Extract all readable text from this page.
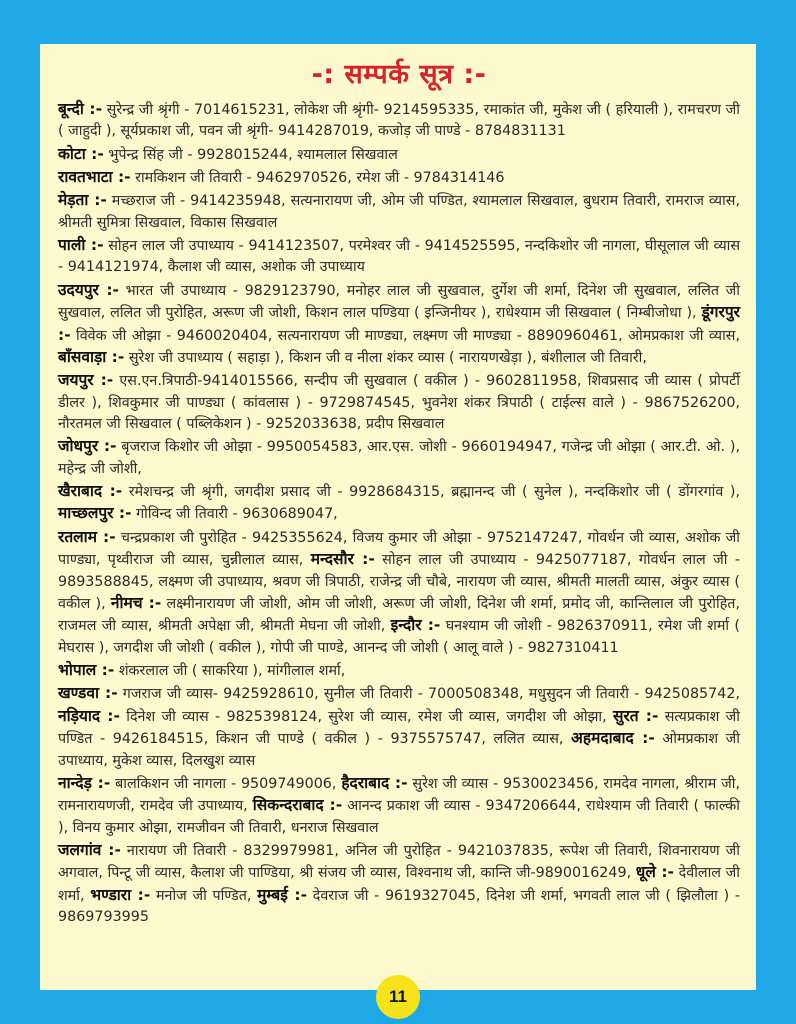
-: सम्पर्क सूत्र :-

बून्दी :- सुरेन्द्र जी श्रृंगी - 7014615231, लोकेश जी श्रृंगी- 9214595335, रमाकांत जी, मुकेश जी ( हरियाली ), रामचरण जी ( जाहुदी ), सूर्यप्रकाश जी, पवन जी श्रृंगी- 9414287019, कजोड़ जी पाण्डे - 8784831131

कोटा :- भुपेन्द्र सिंह जी - 9928015244, श्यामलाल सिखवाल

रावतभाटा :- रामकिशन जी तिवारी - 9462970526, रमेश जी - 9784314146

मेड़ता :- मच्छराज जी - 9414235948, सत्यनारायण जी, ओम जी पण्डित, श्यामलाल सिखवाल, बुधराम तिवारी, रामराज व्यास, श्रीमती सुमित्रा सिखवाल, विकास सिखवाल

पाली :- सोहन लाल जी उपाध्याय - 9414123507, परमेश्वर जी - 9414525595, नन्दकिशोर जी नागला, घीसूलाल जी व्यास - 9414121974, कैलाश जी व्यास, अशोक जी उपाध्याय

उदयपुर :- भारत जी उपाध्याय - 9829123790, मनोहर लाल जी सुखवाल, दुर्गेश जी शर्मा, दिनेश जी सुखवाल, ललित जी सुखवाल, ललित जी पुरोहित, अरूण जी जोशी, किशन लाल पण्डिया ( इन्जिनीयर ), राधेश्याम जी सिखवाल ( निम्बीजोधा ), डूंगरपुर :- विवेक जी ओझा - 9460020404, सत्यनारायण जी माण्ड्या, लक्ष्मण जी माण्ड्या - 8890960461, ओमप्रकाश जी व्यास, बाँसवाड़ा :- सुरेश जी उपाध्याय ( सहाड़ा ), किशन जी व नीला शंकर व्यास ( नारायणखेड़ा ), बंशीलाल जी तिवारी,

जयपुर :- एस.एन.त्रिपाठी-9414015566, सन्दीप जी सुखवाल ( वकील ) - 9602811958, शिवप्रसाद जी व्यास ( प्रोपर्टी डीलर ), शिवकुमार जी पाण्ड्या ( कांवलास ) - 9729874545, भुवनेश शंकर त्रिपाठी ( टाईल्स वाले ) - 9867526200, नौरतमल जी सिखवाल ( पब्लिकेशन ) - 9252033638, प्रदीप सिखवाल

जोधपुर :- बृजराज किशोर जी ओझा - 9950054583, आर.एस. जोशी - 9660194947, गजेन्द्र जी ओझा ( आर.टी. ओ. ), महेन्द्र जी जोशी,

खैराबाद :- रमेशचन्द्र जी श्रृंगी, जगदीश प्रसाद जी - 9928684315, ब्रह्मानन्द जी ( सुनेल ), नन्दकिशोर जी ( डोंगरगांव ), माच्छलपुर :- गोविन्द जी तिवारी - 9630689047,

रतलाम :- चन्द्रप्रकाश जी पुरोहित - 9425355624, विजय कुमार जी ओझा - 9752147247, गोवर्धन जी व्यास, अशोक जी पाण्ड्या, पृथ्वीराज जी व्यास, चुन्नीलाल व्यास, मन्दसौर :- सोहन लाल जी उपाध्याय - 9425077187, गोवर्धन लाल जी - 9893588845, लक्ष्मण जी उपाध्याय, श्रवण जी त्रिपाठी, राजेन्द्र जी चौबे, नारायण जी व्यास, श्रीमती मालती व्यास, अंकुर व्यास ( वकील ), नीमच :- लक्ष्मीनारायण जी जोशी, ओम जी जोशी, अरूण जी जोशी, दिनेश जी शर्मा, प्रमोद जी, कान्तिलाल जी पुरोहित, राजमल जी व्यास, श्रीमती अपेक्षा जी, श्रीमती मेघना जी जोशी, इन्दौर :- घनश्याम जी जोशी - 9826370911, रमेश जी शर्मा ( मेघरास ), जगदीश जी जोशी ( वकील ), गोपी जी पाण्डे, आनन्द जी जोशी ( आलू वाले ) - 9827310411

भोपाल :- शंकरलाल जी ( साकरिया ), मांगीलाल शर्मा,

खण्डवा :- गजराज जी व्यास- 9425928610, सुनील जी तिवारी - 7000508348, मधुसुदन जी तिवारी - 9425085742, नड़ियाद :- दिनेश जी व्यास - 9825398124, सुरेश जी व्यास, रमेश जी व्यास, जगदीश जी ओझा, सुरत :- सत्यप्रकाश जी पण्डित - 9426184515, किशन जी पाण्डे ( वकील ) - 9375575747, ललित व्यास, अहमदाबाद :- ओमप्रकाश जी उपाध्याय, मुकेश व्यास, दिलखुश व्यास

नान्देड़ :- बालकिशन जी नागला - 9509749006, हैदराबाद :- सुरेश जी व्यास - 9530023456, रामदेव नागला, श्रीराम जी, रामनारायणजी, रामदेव जी उपाध्याय, सिकन्दराबाद :- आनन्द प्रकाश जी व्यास - 9347206644, राधेश्याम जी तिवारी ( फाल्की ), विनय कुमार ओझा, रामजीवन जी तिवारी, धनराज सिखवाल

जलगांव :- नारायण जी तिवारी - 8329979981, अनिल जी पुरोहित - 9421037835, रूपेश जी तिवारी, शिवनारायण जी अगवाल, पिन्टू जी व्यास, कैलाश जी पाण्डिया, श्री संजय जी व्यास, विश्वनाथ जी, कान्ति जी-9890016249, धूले :- देवीलाल जी शर्मा, भण्डारा :- मनोज जी पण्डित, मुम्बई :- देवराज जी - 9619327045, दिनेश जी शर्मा, भगवती लाल जी ( झिलौला ) - 9869793995

11
